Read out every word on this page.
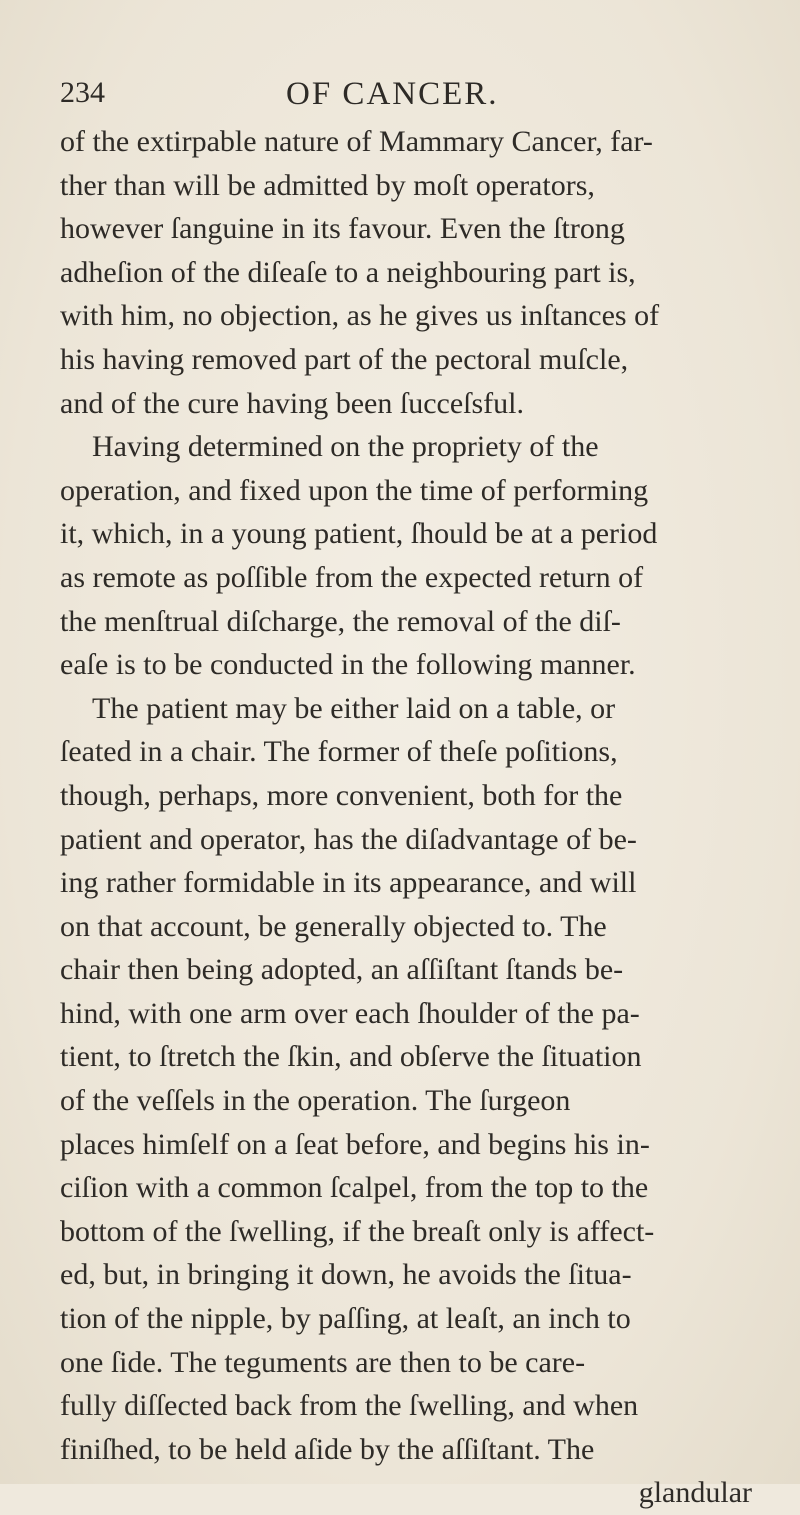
234	OF CANCER.
of the extirpable nature of Mammary Cancer, far-
ther than will be admitted by moſt operators,
however ſanguine in its favour. Even the ſtrong
adheſion of the diſeaſe to a neighbouring part is,
with him, no objection, as he gives us inſtances of
his having removed part of the pectoral muſcle,
and of the cure having been ſucceſsful.
Having determined on the propriety of the
operation, and fixed upon the time of performing
it, which, in a young patient, ſhould be at a period
as remote as poſſible from the expected return of
the menſtrual diſcharge, the removal of the diſ-
eaſe is to be conducted in the following manner.
The patient may be either laid on a table, or
ſeated in a chair. The former of theſe poſitions,
though, perhaps, more convenient, both for the
patient and operator, has the diſadvantage of be-
ing rather formidable in its appearance, and will
on that account, be generally objected to. The
chair then being adopted, an aſſiſtant ſtands be-
hind, with one arm over each ſhoulder of the pa-
tient, to ſtretch the ſkin, and obſerve the ſituation
of the veſſels in the operation. The ſurgeon
places himſelf on a ſeat before, and begins his in-
ciſion with a common ſcalpel, from the top to the
bottom of the ſwelling, if the breaſt only is affect-
ed, but, in bringing it down, he avoids the ſitua-
tion of the nipple, by paſſing, at leaſt, an inch to
one ſide. The teguments are then to be care-
fully diſſected back from the ſwelling, and when
finiſhed, to be held aſide by the aſſiſtant. The
glandular
